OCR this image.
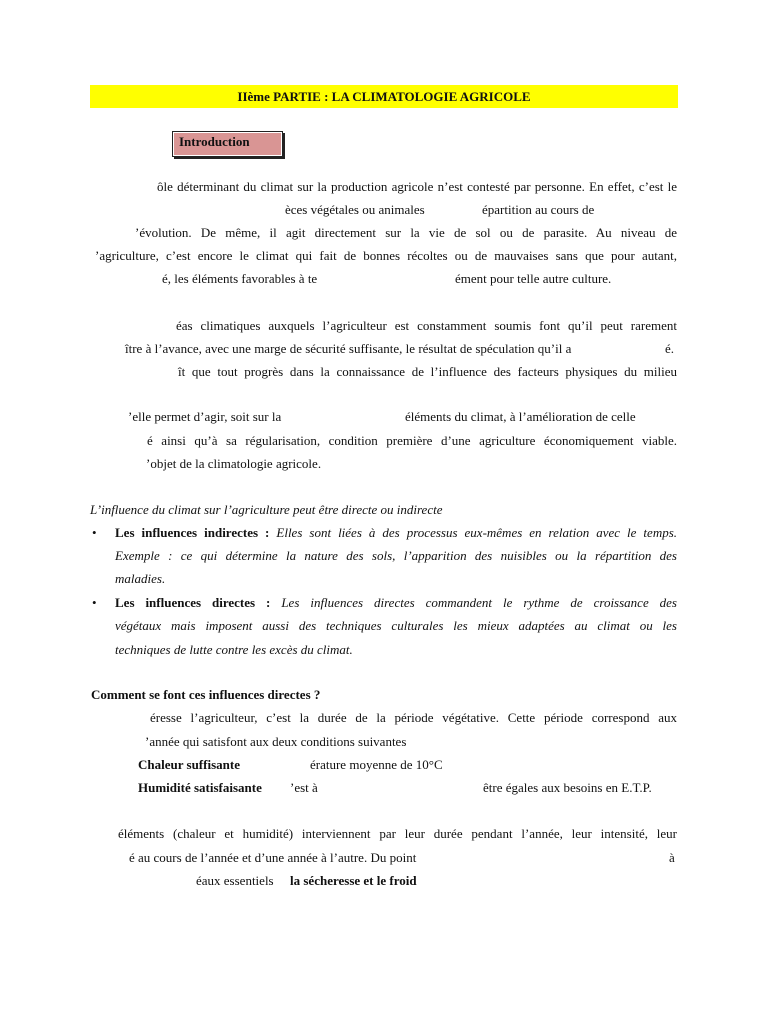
IIème PARTIE : LA CLIMATOLOGIE AGRICOLE
Introduction
ôle déterminant du climat sur la production agricole n’est contesté par personne. En effet, c’est le
èces végétales ou animales	épartition au cours de
’évolution. De même, il agit directement sur la vie de sol ou de parasite. Au niveau de
’agriculture, c’est encore le climat qui fait de bonnes récoltes ou de mauvaises sans que pour autant,
é, les éléments favorables à te	ément pour telle autre culture.
éas climatiques auxquels l’agriculteur est constamment soumis font qu’il peut rarement
ître à l’avance, avec une marge de sécurité suffisante, le résultat de spéculation qu’il a	é.
ît que tout progrès dans la connaissance de l’influence des facteurs physiques du milieu
’elle permet d’agir, soit sur la	éléments du climat, à l’amélioration de celle
é ainsi qu’à sa régularisation, condition première d’une agriculture économiquement viable.
’objet de la climatologie agricole.
L’influence du climat sur l’agriculture peut être directe ou indirecte
• Les influences indirectes : Elles sont liées à des processus eux-mêmes en relation avec le temps.
Exemple : ce qui détermine la nature des sols, l’apparition des nuisibles ou la répartition des
maladies.
• Les influences directes : Les influences directes commandent le rythme de croissance des
végétaux mais imposent aussi des techniques culturales les mieux adaptées au climat ou les
techniques de lutte contre les excès du climat.
Comment se font ces influences directes ?
éresse l’agriculteur, c’est la durée de la période végétative. Cette période correspond aux
’année qui satisfont aux deux conditions suivantes
Chaleur suffisante	érature moyenne de 10°C
Humidité satisfaisante ’est à	être égales aux besoins en E.T.P.
éléments (chaleur et humidité) interviennent par leur durée pendant l’année, leur intensité, leur
é au cours de l’année et d’une année à l’autre. Du point	à
éaux essentiels la sécheresse et le froid
